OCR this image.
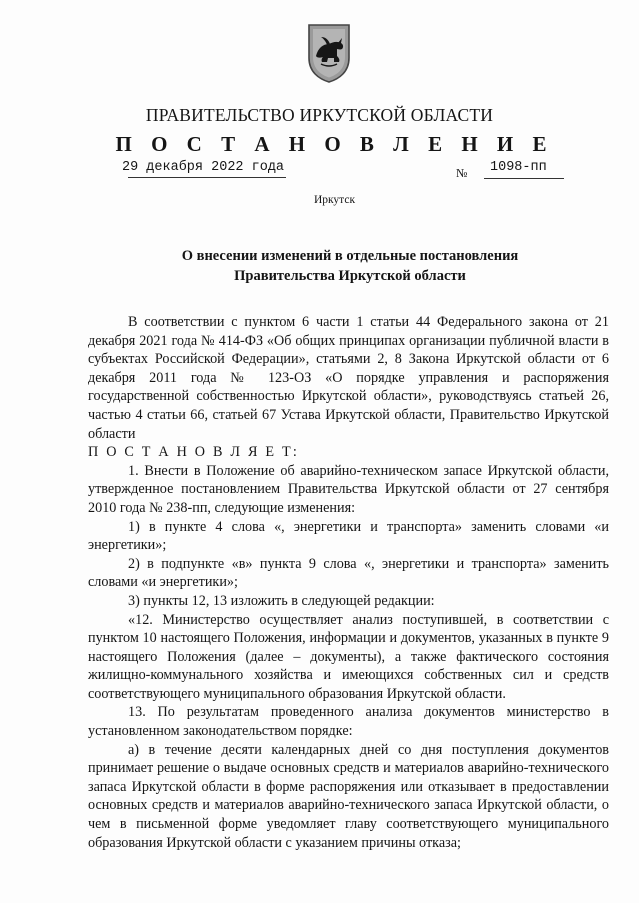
ПРАВИТЕЛЬСТВО ИРКУТСКОЙ ОБЛАСТИ
П О С Т А Н О В Л Е Н И Е
29 декабря 2022 года	№	1098-пп
Иркутск
О внесении изменений в отдельные постановления
Правительства Иркутской области

В соответствии с пунктом 6 части 1 статьи 44 Федерального закона от 21 декабря 2021 года № 414-ФЗ «Об общих принципах организации публичной власти в субъектах Российской Федерации», статьями 2, 8 Закона Иркутской области от 6 декабря 2011 года № 123-ОЗ «О порядке управления и распоряжения государственной собственностью Иркутской области», руководствуясь статьей 26, частью 4 статьи 66, статьей 67 Устава Иркутской области, Правительство Иркутской области

П О С Т А Н О В Л Я Е Т:

1. Внести в Положение об аварийно-техническом запасе Иркутской области, утвержденное постановлением Правительства Иркутской области от 27 сентября 2010 года № 238-пп, следующие изменения:

1) в пункте 4 слова «, энергетики и транспорта» заменить словами «и энергетики»;

2) в подпункте «в» пункта 9 слова «, энергетики и транспорта» заменить словами «и энергетики»;

3) пункты 12, 13 изложить в следующей редакции:

«12. Министерство осуществляет анализ поступившей, в соответствии с пунктом 10 настоящего Положения, информации и документов, указанных в пункте 9 настоящего Положения (далее – документы), а также фактического состояния жилищно-коммунального хозяйства и имеющихся собственных сил и средств соответствующего муниципального образования Иркутской области.

13. По результатам проведенного анализа документов министерство в установленном законодательством порядке:

а) в течение десяти календарных дней со дня поступления документов принимает решение о выдаче основных средств и материалов аварийно-технического запаса Иркутской области в форме распоряжения или отказывает в предоставлении основных средств и материалов аварийно-технического запаса Иркутской области, о чем в письменной форме уведомляет главу соответствующего муниципального образования Иркутской области с указанием причины отказа;
